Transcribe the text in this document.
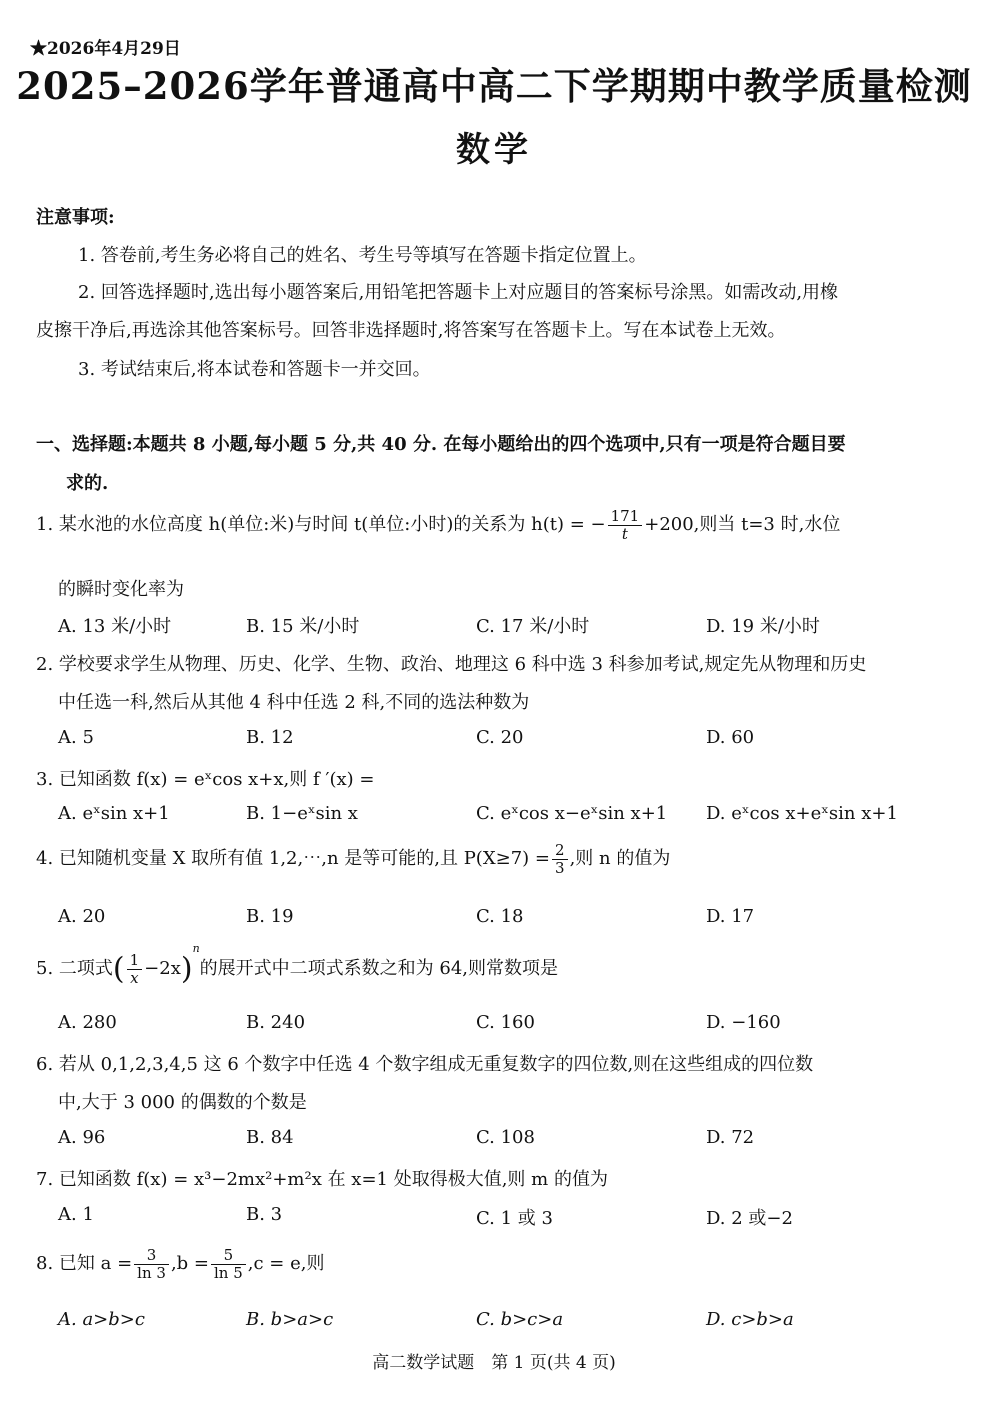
★2026年4月29日
2025–2026学年普通高中高二下学期期中教学质量检测
数学
注意事项:
1. 答卷前,考生务必将自己的姓名、考生号等填写在答题卡指定位置上。
2. 回答选择题时,选出每小题答案后,用铅笔把答题卡上对应题目的答案标号涂黑。如需改动,用橡
皮擦干净后,再选涂其他答案标号。回答非选择题时,将答案写在答题卡上。写在本试卷上无效。
3. 考试结束后,将本试卷和答题卡一并交回。
一、选择题:本题共 8 小题,每小题 5 分,共 40 分. 在每小题给出的四个选项中,只有一项是符合题目要
求的.
1. 某水池的水位高度 h(单位:米)与时间 t(单位:小时)的关系为 h(t) = − $\frac{171}{t} +200$,则当 t=3 时,水位
的瞬时变化率为
A. 13 米/小时	B. 15 米/小时	C. 17 米/小时	D. 19 米/小时
2. 学校要求学生从物理、历史、化学、生物、政治、地理这 6 科中选 3 科参加考试,规定先从物理和历史
中任选一科,然后从其他 4 科中任选 2 科,不同的选法种数为
A. 5	B. 12	C. 20	D. 60
3. 已知函数 f(x) = eˣcos x+x,则 f ′(x) =
A. eˣsin x+1	B. 1−eˣsin x	C. eˣcos x−eˣsin x+1 D. eˣcos x+eˣsin x+1
4. 已知随机变量 X 取所有值 1,2,⋯,n 是等可能的,且 $P(X\ge 7) = \frac{2}{3}$ ,则 n 的值为
A. 20	B. 19	C. 18	D. 17
5. 二项式( $\frac{1}{x} -2x)^n$的展开式中二项式系数之和为 64,则常数项是
A. 280	B. 240	C. 160	D. −160
6. 若从 0,1,2,3,4,5 这 6 个数字中任选 4 个数字组成无重复数字的四位数,则在这些组成的四位数
中,大于 3 000 的偶数的个数是
A. 96	B. 84	C. 108	D. 72
7. 已知函数 f(x) = x³−2mx²+m²x 在 x=1 处取得极大值,则 m 的值为
A. 1	B. 3	C. 1 或 3	D. 2 或−2
8. 已知 $a = \frac{3}{\ln 3} ,b = \frac{5}{\ln 5} ,c = e$,则
A. a>b>c	B. b>a>c	C. b>c>a	D. c>b>a
高二数学试题　第 1 页(共 4 页)
